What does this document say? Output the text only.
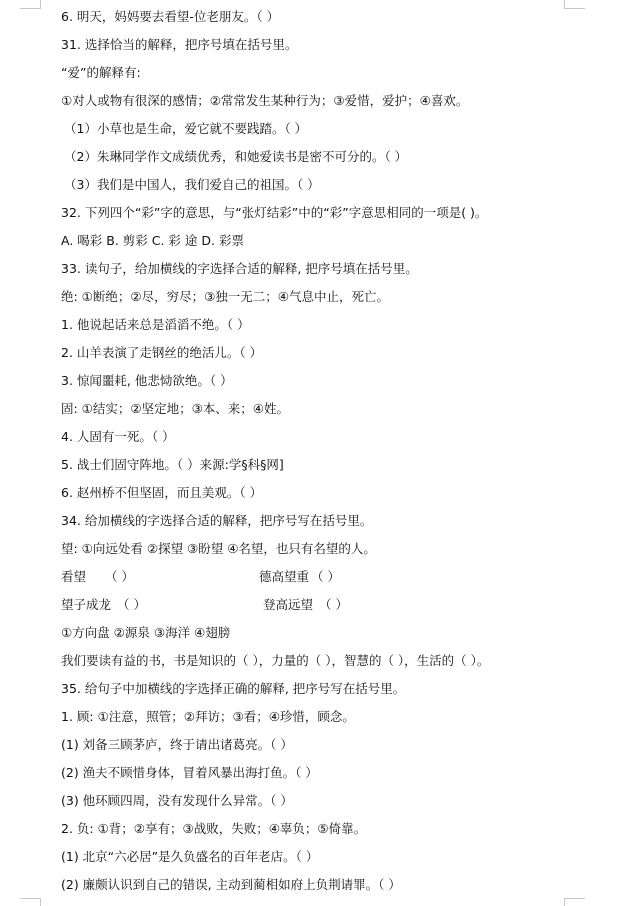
6. 明天，妈妈要去看望-位老朋友。（ ）
31. 选择恰当的解释，把序号填在括号里。
“爱”的解释有:
①对人或物有很深的感情；②常常发生某种行为；③爱惜，爱护；④喜欢。
（1）小草也是生命，爱它就不要践踏。（ ）
（2）朱琳同学作文成绩优秀，和她爱读书是密不可分的。（ ）
（3）我们是中国人，我们爱自己的祖国。（ ）
32. 下列四个“彩”字的意思，与“张灯结彩”中的“彩”字意思相同的一项是( )。
A. 喝彩 B. 剪彩 C. 彩 途 D. 彩票
33. 读句子，给加横线的字选择合适的解释, 把序号填在括号里。
绝: ①断绝；②尽，穷尽；③独一无二；④气息中止，死亡。
1. 他说起话来总是滔滔不绝。（ ）
2. 山羊表演了走钢丝的绝活儿。（ ）
3. 惊闻噩耗, 他悲恸欲绝。（ ）
固: ①结实；②坚定地；③本、来；④姓。
4. 人固有一死。（ ）
5. 战士们固守阵地。（ ）来源:学§科§网]
6. 赵州桥不但坚固，而且美观。（ ）
34. 给加横线的字选择合适的解释，把序号写在括号里。
望: ①向远处看 ②探望 ③盼望 ④名望，也只有名望的人。
看望 （ ）	德高望重 （ ）
望子成龙 （ ）	登高远望 （ ）
①方向盘 ②源泉 ③海洋 ④翅膀
我们要读有益的书，书是知识的（ ），力量的（ ），智慧的（ ），生活的（ ）。
35. 给句子中加横线的字选择正确的解释, 把序号写在括号里。
1. 顾: ①注意，照管；②拜访；③看；④珍惜，顾念。
(1) 刘备三顾茅庐，终于请出诸葛亮。（ ）
(2) 渔夫不顾惜身体，冒着风暴出海打鱼。（ ）
(3) 他环顾四周，没有发现什么异常。（ ）
2. 负: ①背；②享有；③战败，失败；④辜负；⑤倚靠。
(1) 北京“六必居”是久负盛名的百年老店。（ ）
(2) 廉颇认识到自己的错误, 主动到蔺相如府上负荆请罪。（ ）
